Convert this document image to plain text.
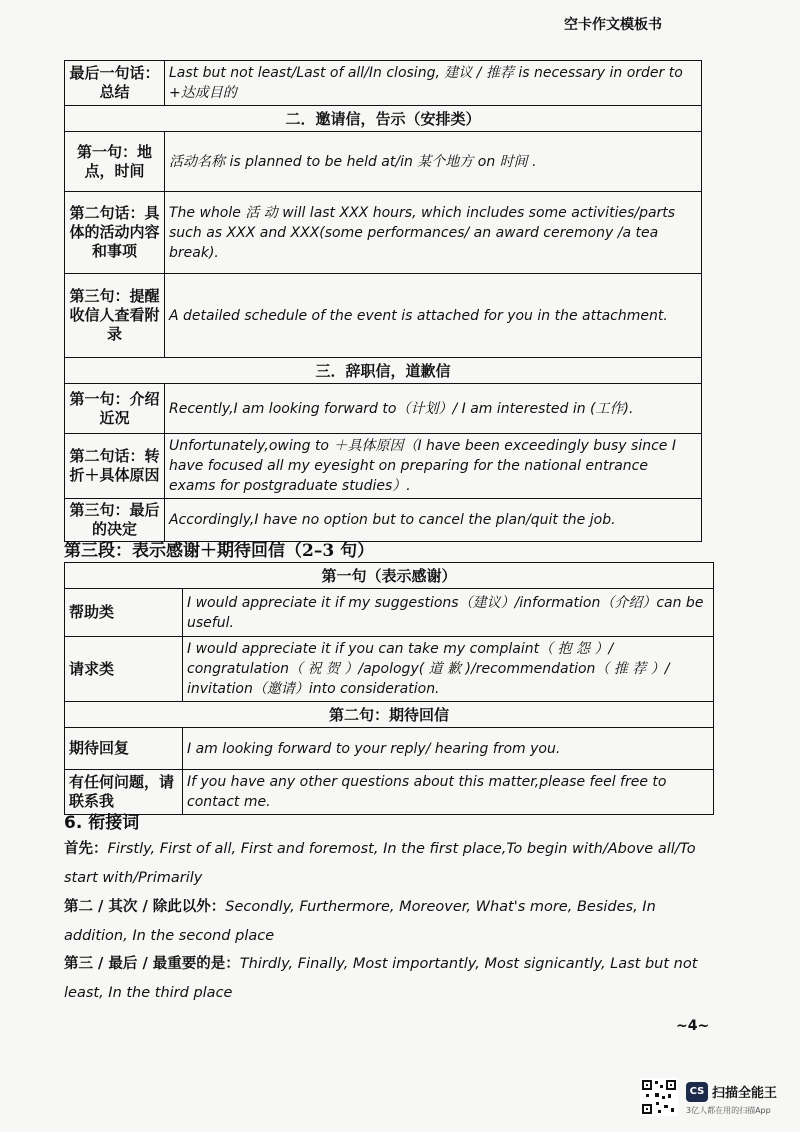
空卡作文模板书
最后一句话：总结	Last but not least/Last of all/In closing, 建议 / 推荐 is necessary in order to +达成目的
二．邀请信，告示（安排类）	
第一句：地点，时间	活动名称 is planned to be held at/in 某个地方 on 时间 .
第二句话：具体的活动内容和事项	The whole 活 动 will last XXX hours, which includes some activities/parts such as XXX and XXX(some performances/ an award ceremony /a tea break).
第三句：提醒收信人查看附录	A detailed schedule of the event is attached for you in the attachment.
三．辞职信，道歉信	
第一句：介绍近况	Recently,I am looking forward to（计划）/ I am interested in (工作).
第二句话：转折＋具体原因	Unfortunately,owing to ＋具体原因（I have been exceedingly busy since I have focused all my eyesight on preparing for the national entrance exams for postgraduate studies）.
第三句：最后的决定	Accordingly,I have no option but to cancel the plan/quit the job.
第三段：表示感谢＋期待回信（2–3 句）
第一句（表示感谢）	
帮助类	I would appreciate it if my suggestions（建议）/information（介绍）can be useful.
请求类	I would appreciate it if you can take my complaint（ 抱 怨 ）/ congratulation（ 祝 贺 ）/apology( 道 歉 )/recommendation（ 推 荐 ）/ invitation（邀请）into consideration.
第二句：期待回信	
期待回复	I am looking forward to your reply/ hearing from you.
有任何问题，请联系我	If you have any other questions about this matter,please feel free to contact me.
6. 衔接词
首先：Firstly, First of all, First and foremost, In the first place,To begin with/Above all/To start with/Primarily
第二 / 其次 / 除此以外：Secondly, Furthermore, Moreover, What's more, Besides, In addition, In the second place
第三 / 最后 / 最重要的是：Thirdly, Finally, Most importantly, Most signicantly, Last but not least, In the third place
~4~
CS 扫描全能王
3亿人都在用的扫描App
